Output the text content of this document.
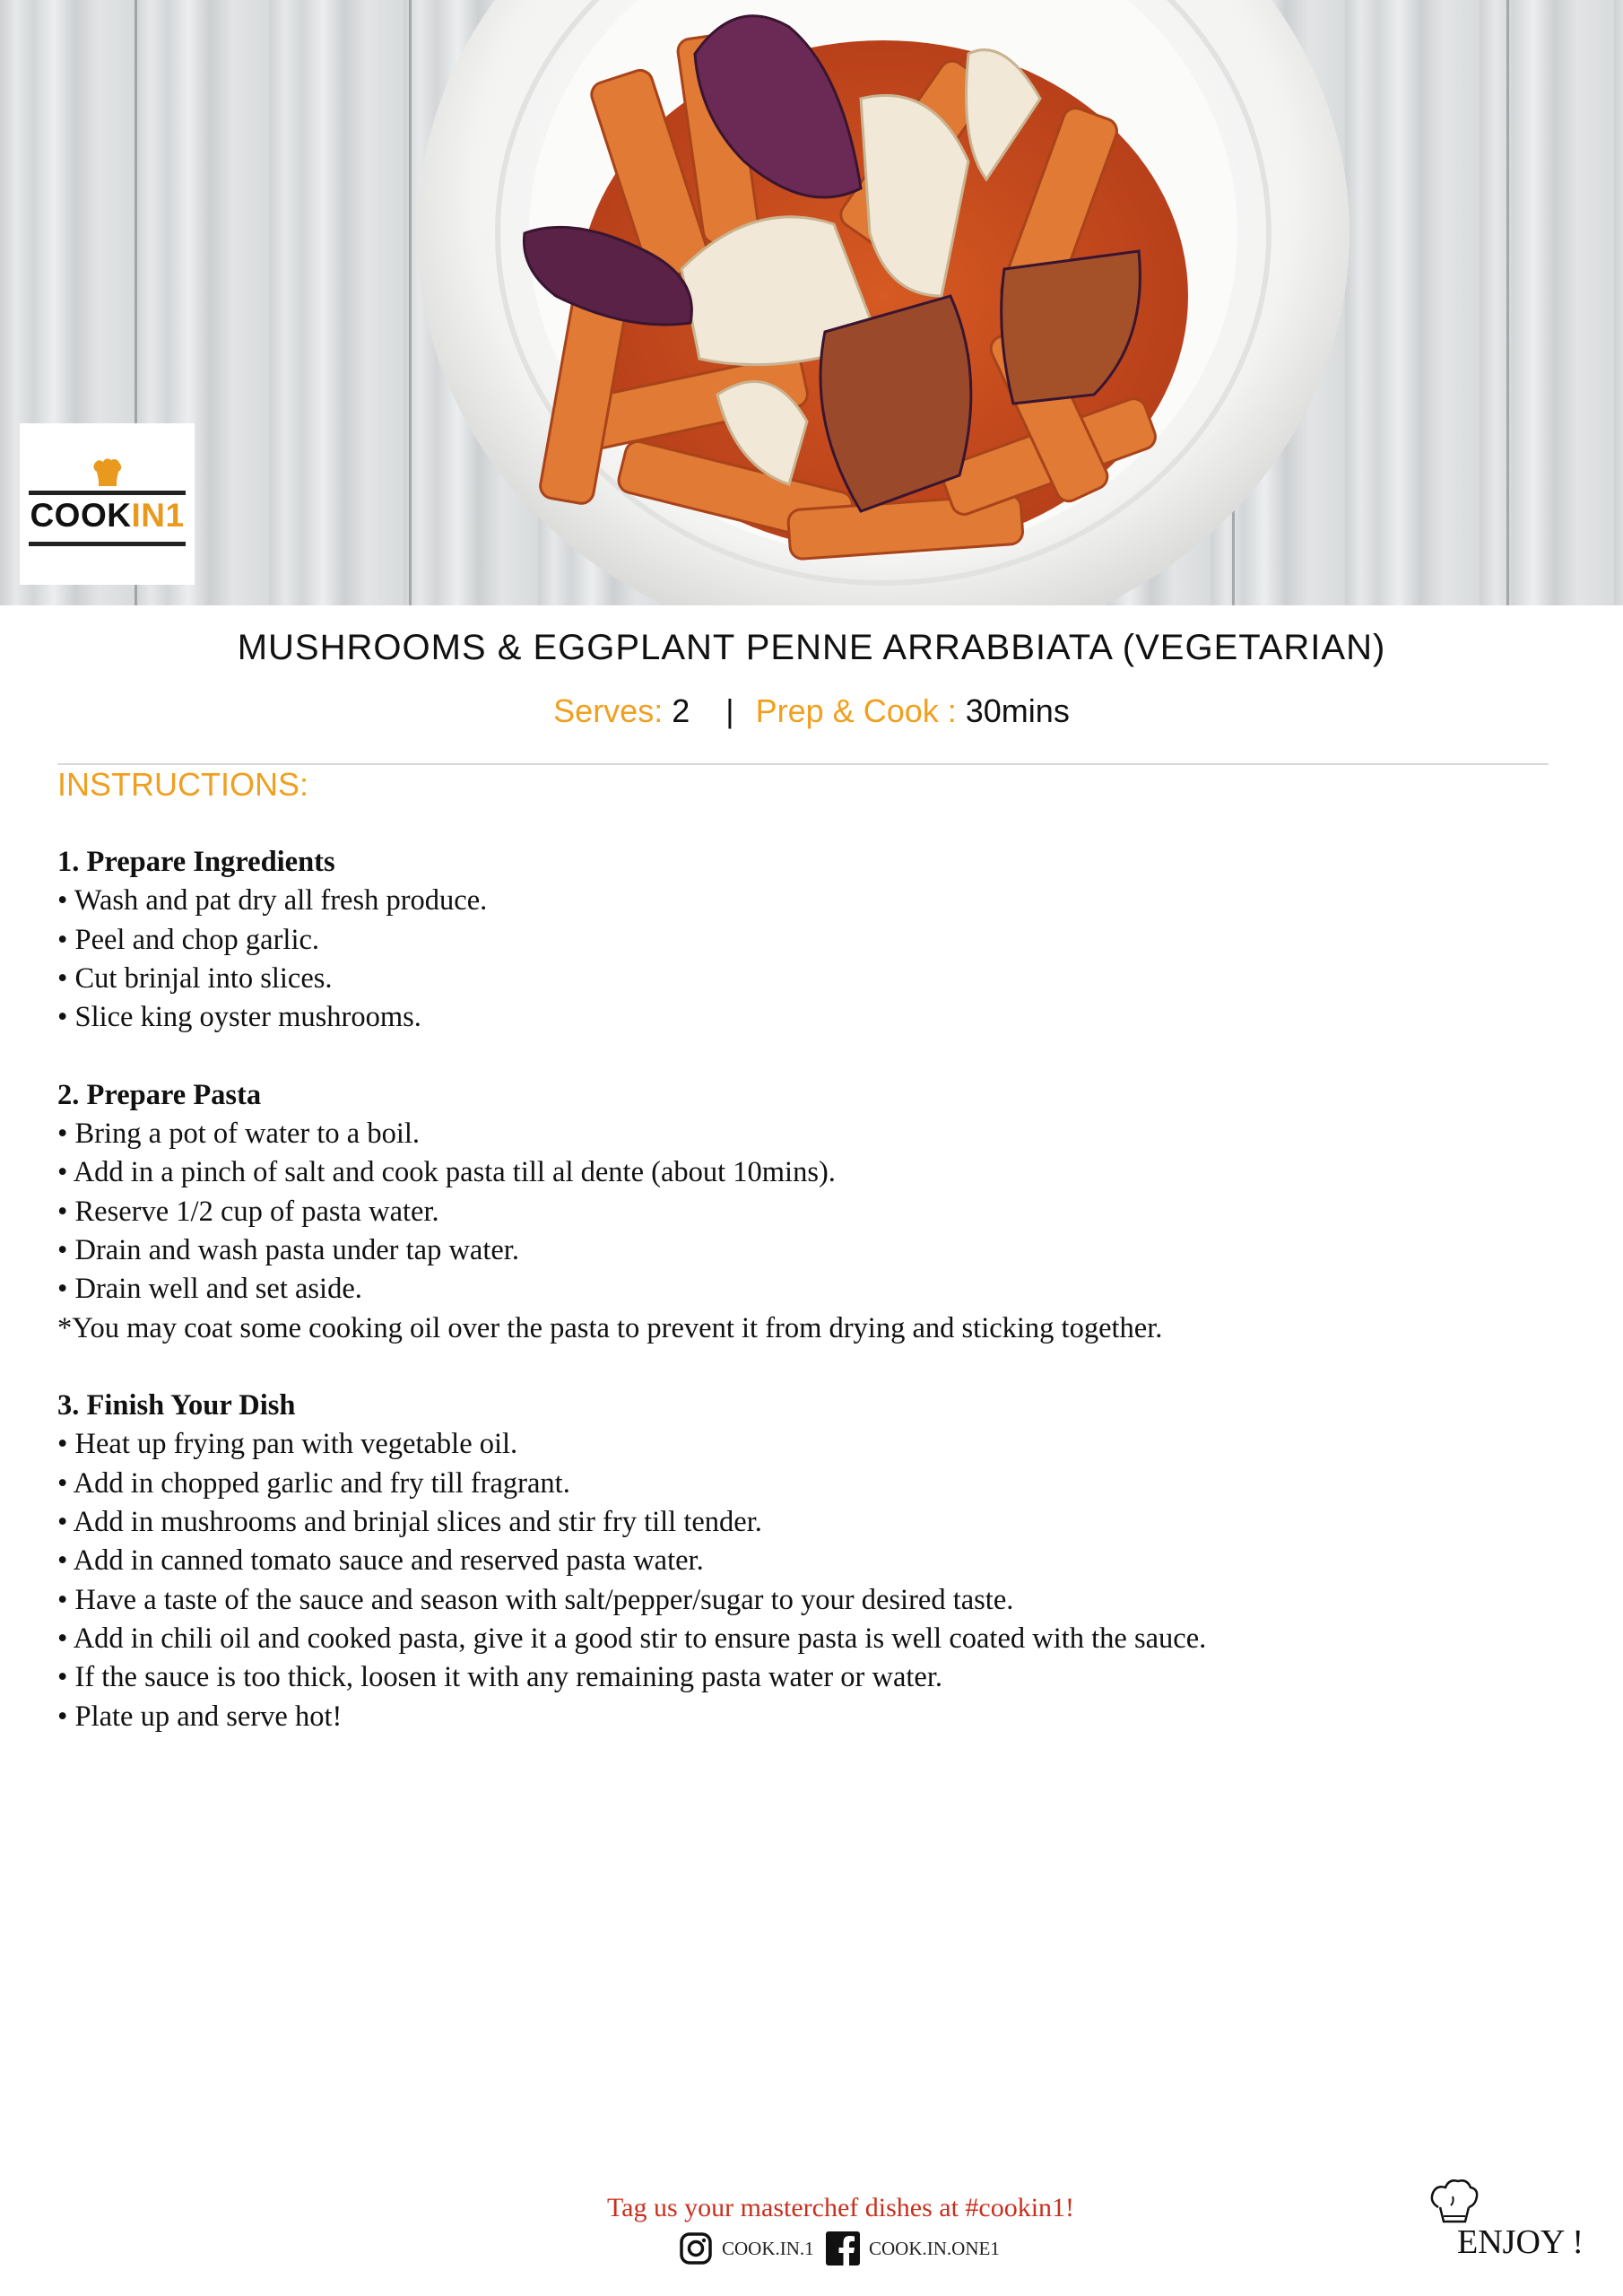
COOKIN1
MUSHROOMS & EGGPLANT PENNE ARRABBIATA (VEGETARIAN)
Serves: 2 | Prep & Cook : 30mins
INSTRUCTIONS:
1. Prepare Ingredients
• Wash and pat dry all fresh produce.
• Peel and chop garlic.
• Cut brinjal into slices.
• Slice king oyster mushrooms.
2. Prepare Pasta
• Bring a pot of water to a boil.
• Add in a pinch of salt and cook pasta till al dente (about 10mins).
• Reserve 1/2 cup of pasta water.
• Drain and wash pasta under tap water.
• Drain well and set aside.
*You may coat some cooking oil over the pasta to prevent it from drying and sticking together.
3. Finish Your Dish
• Heat up frying pan with vegetable oil.
• Add in chopped garlic and fry till fragrant.
• Add in mushrooms and brinjal slices and stir fry till tender.
• Add in canned tomato sauce and reserved pasta water.
• Have a taste of the sauce and season with salt/pepper/sugar to your desired taste.
• Add in chili oil and cooked pasta, give it a good stir to ensure pasta is well coated with the sauce.
• If the sauce is too thick, loosen it with any remaining pasta water or water.
• Plate up and serve hot!
Tag us your masterchef dishes at #cookin1!
COOK.IN.1	COOK.IN.ONE1	ENJOY !
